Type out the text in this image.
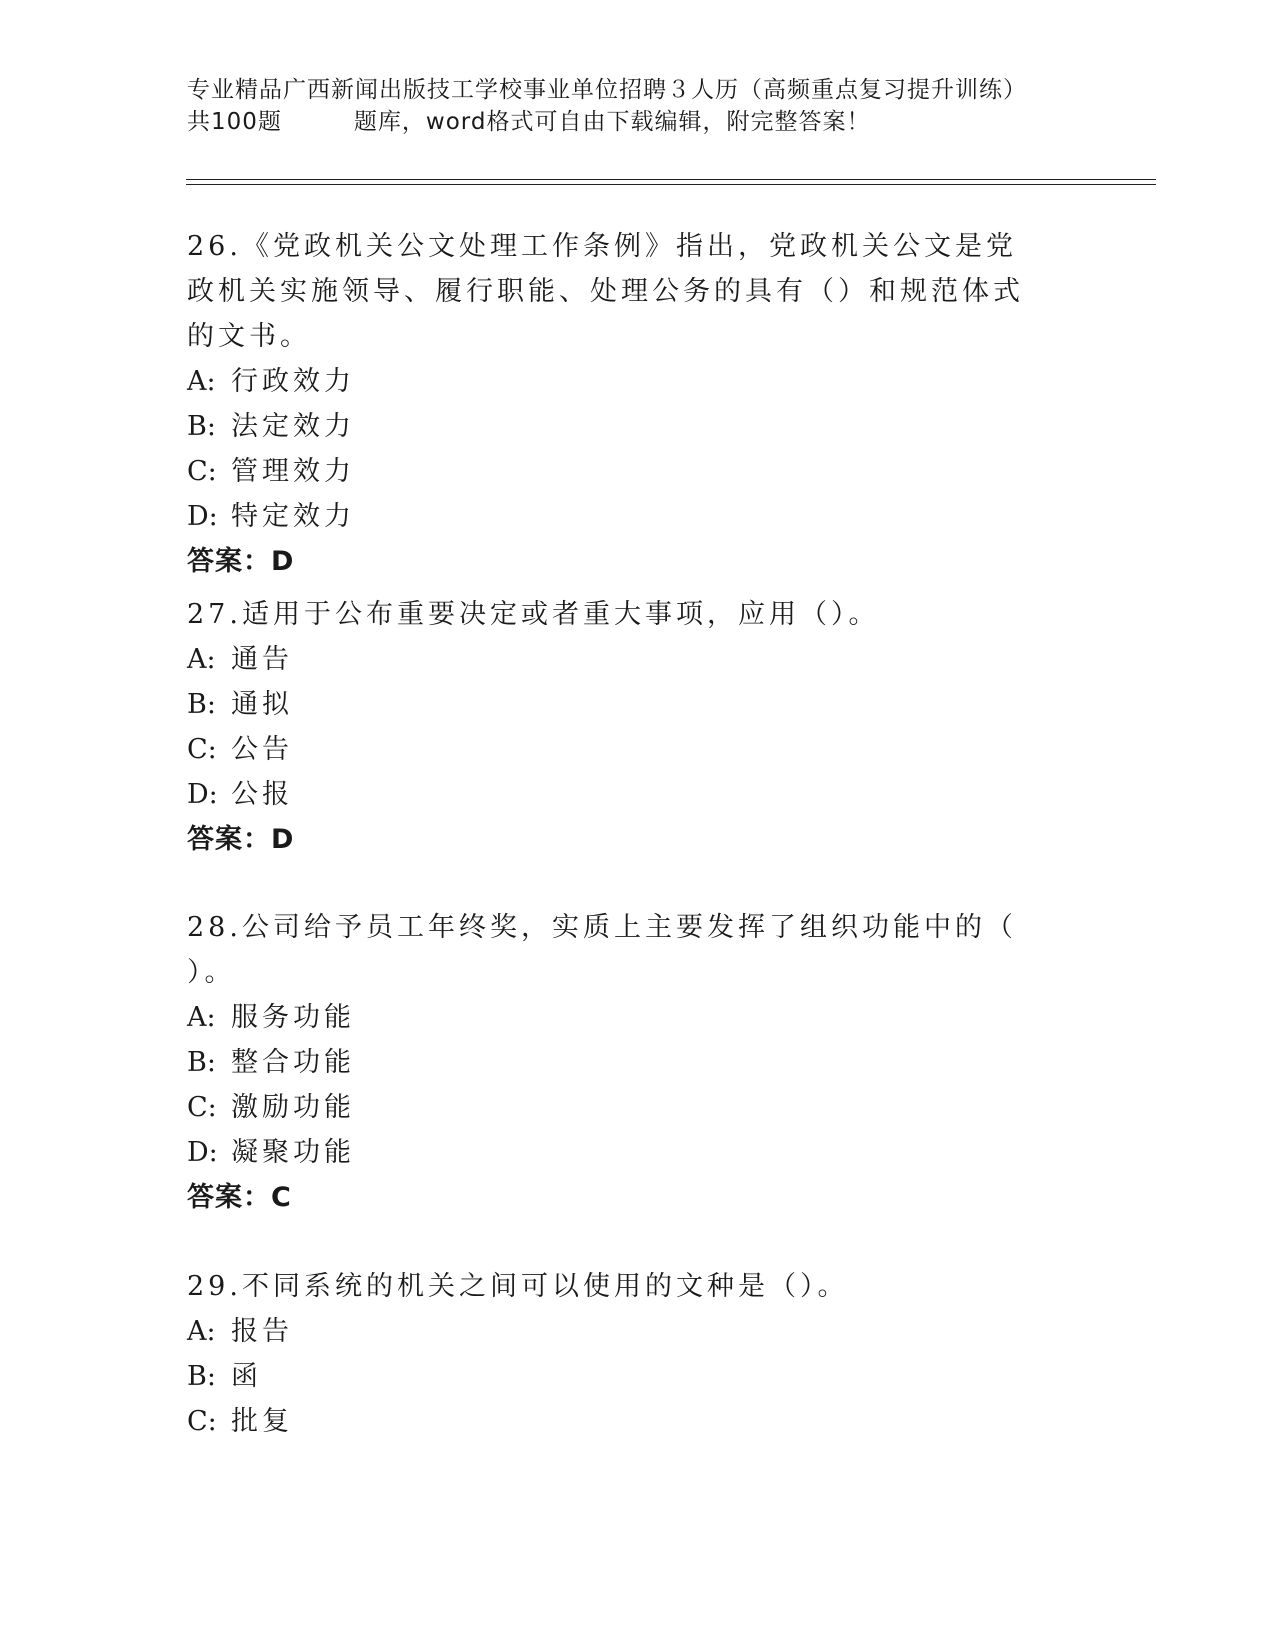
专业精品广西新闻出版技工学校事业单位招聘３人历（高频重点复习提升训练）
共100题	题库，word格式可自由下载编辑，附完整答案！

26.《党政机关公文处理工作条例》指出，党政机关公文是党政机关实施领导、履行职能、处理公务的具有（）和规范体式的文书。

A: 行政效力

B: 法定效力

C: 管理效力

D: 特定效力

答案：D

27.适用于公布重要决定或者重大事项，应用（）。

A: 通告

B: 通拟

C: 公告

D: 公报

答案：D

28.公司给予员工年终奖，实质上主要发挥了组织功能中的（
）。

A: 服务功能

B: 整合功能

C: 激励功能

D: 凝聚功能

答案：C

29.不同系统的机关之间可以使用的文种是（）。

A: 报告

B: 函

C: 批复
